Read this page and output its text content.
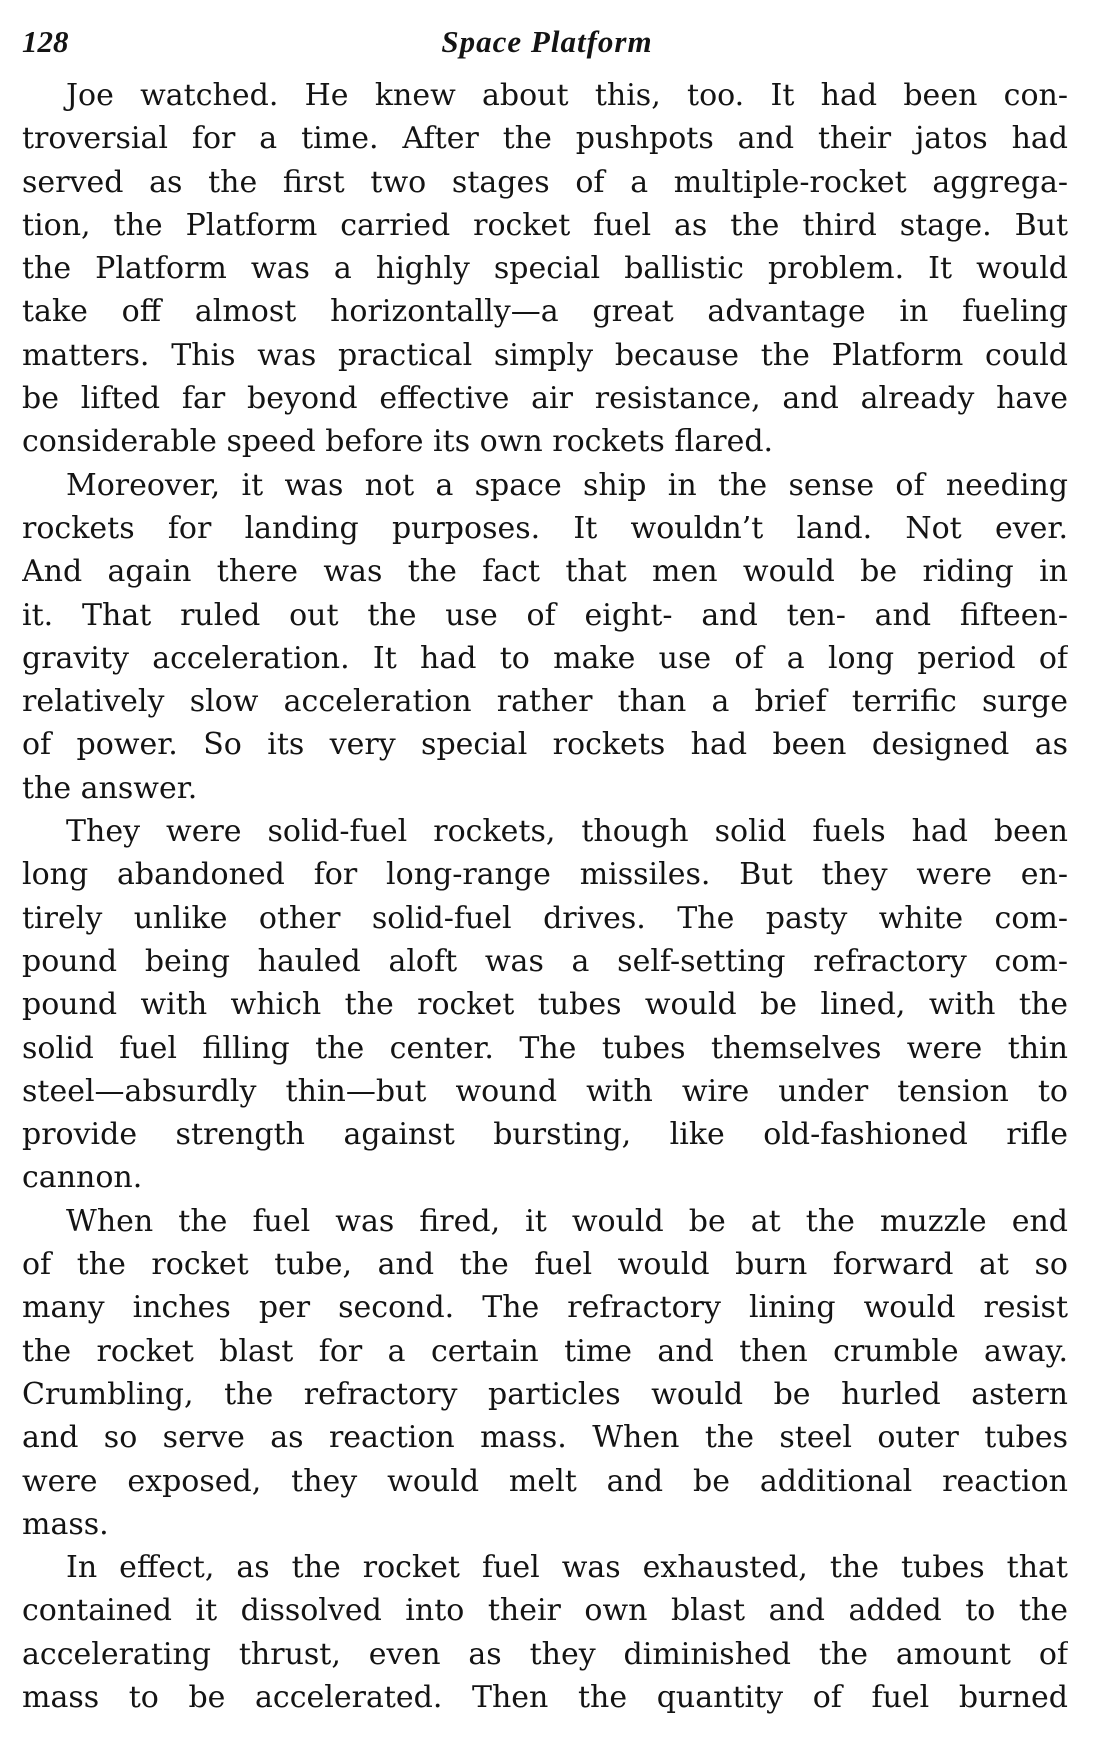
128	Space Platform
Joe watched. He knew about this, too. It had been con-
troversial for a time. After the pushpots and their jatos had
served as the first two stages of a multiple-rocket aggrega-
tion, the Platform carried rocket fuel as the third stage. But
the Platform was a highly special ballistic problem. It would
take off almost horizontally—a great advantage in fueling
matters. This was practical simply because the Platform could
be lifted far beyond effective air resistance, and already have
considerable speed before its own rockets flared.
Moreover, it was not a space ship in the sense of needing
rockets for landing purposes. It wouldn’t land. Not ever.
And again there was the fact that men would be riding in
it. That ruled out the use of eight- and ten- and fifteen-
gravity acceleration. It had to make use of a long period of
relatively slow acceleration rather than a brief terrific surge
of power. So its very special rockets had been designed as
the answer.
They were solid-fuel rockets, though solid fuels had been
long abandoned for long-range missiles. But they were en-
tirely unlike other solid-fuel drives. The pasty white com-
pound being hauled aloft was a self-setting refractory com-
pound with which the rocket tubes would be lined, with the
solid fuel filling the center. The tubes themselves were thin
steel—absurdly thin—but wound with wire under tension to
provide strength against bursting, like old-fashioned rifle
cannon.
When the fuel was fired, it would be at the muzzle end
of the rocket tube, and the fuel would burn forward at so
many inches per second. The refractory lining would resist
the rocket blast for a certain time and then crumble away.
Crumbling, the refractory particles would be hurled astern
and so serve as reaction mass. When the steel outer tubes
were exposed, they would melt and be additional reaction
mass.
In effect, as the rocket fuel was exhausted, the tubes that
contained it dissolved into their own blast and added to the
accelerating thrust, even as they diminished the amount of
mass to be accelerated. Then the quantity of fuel burned
